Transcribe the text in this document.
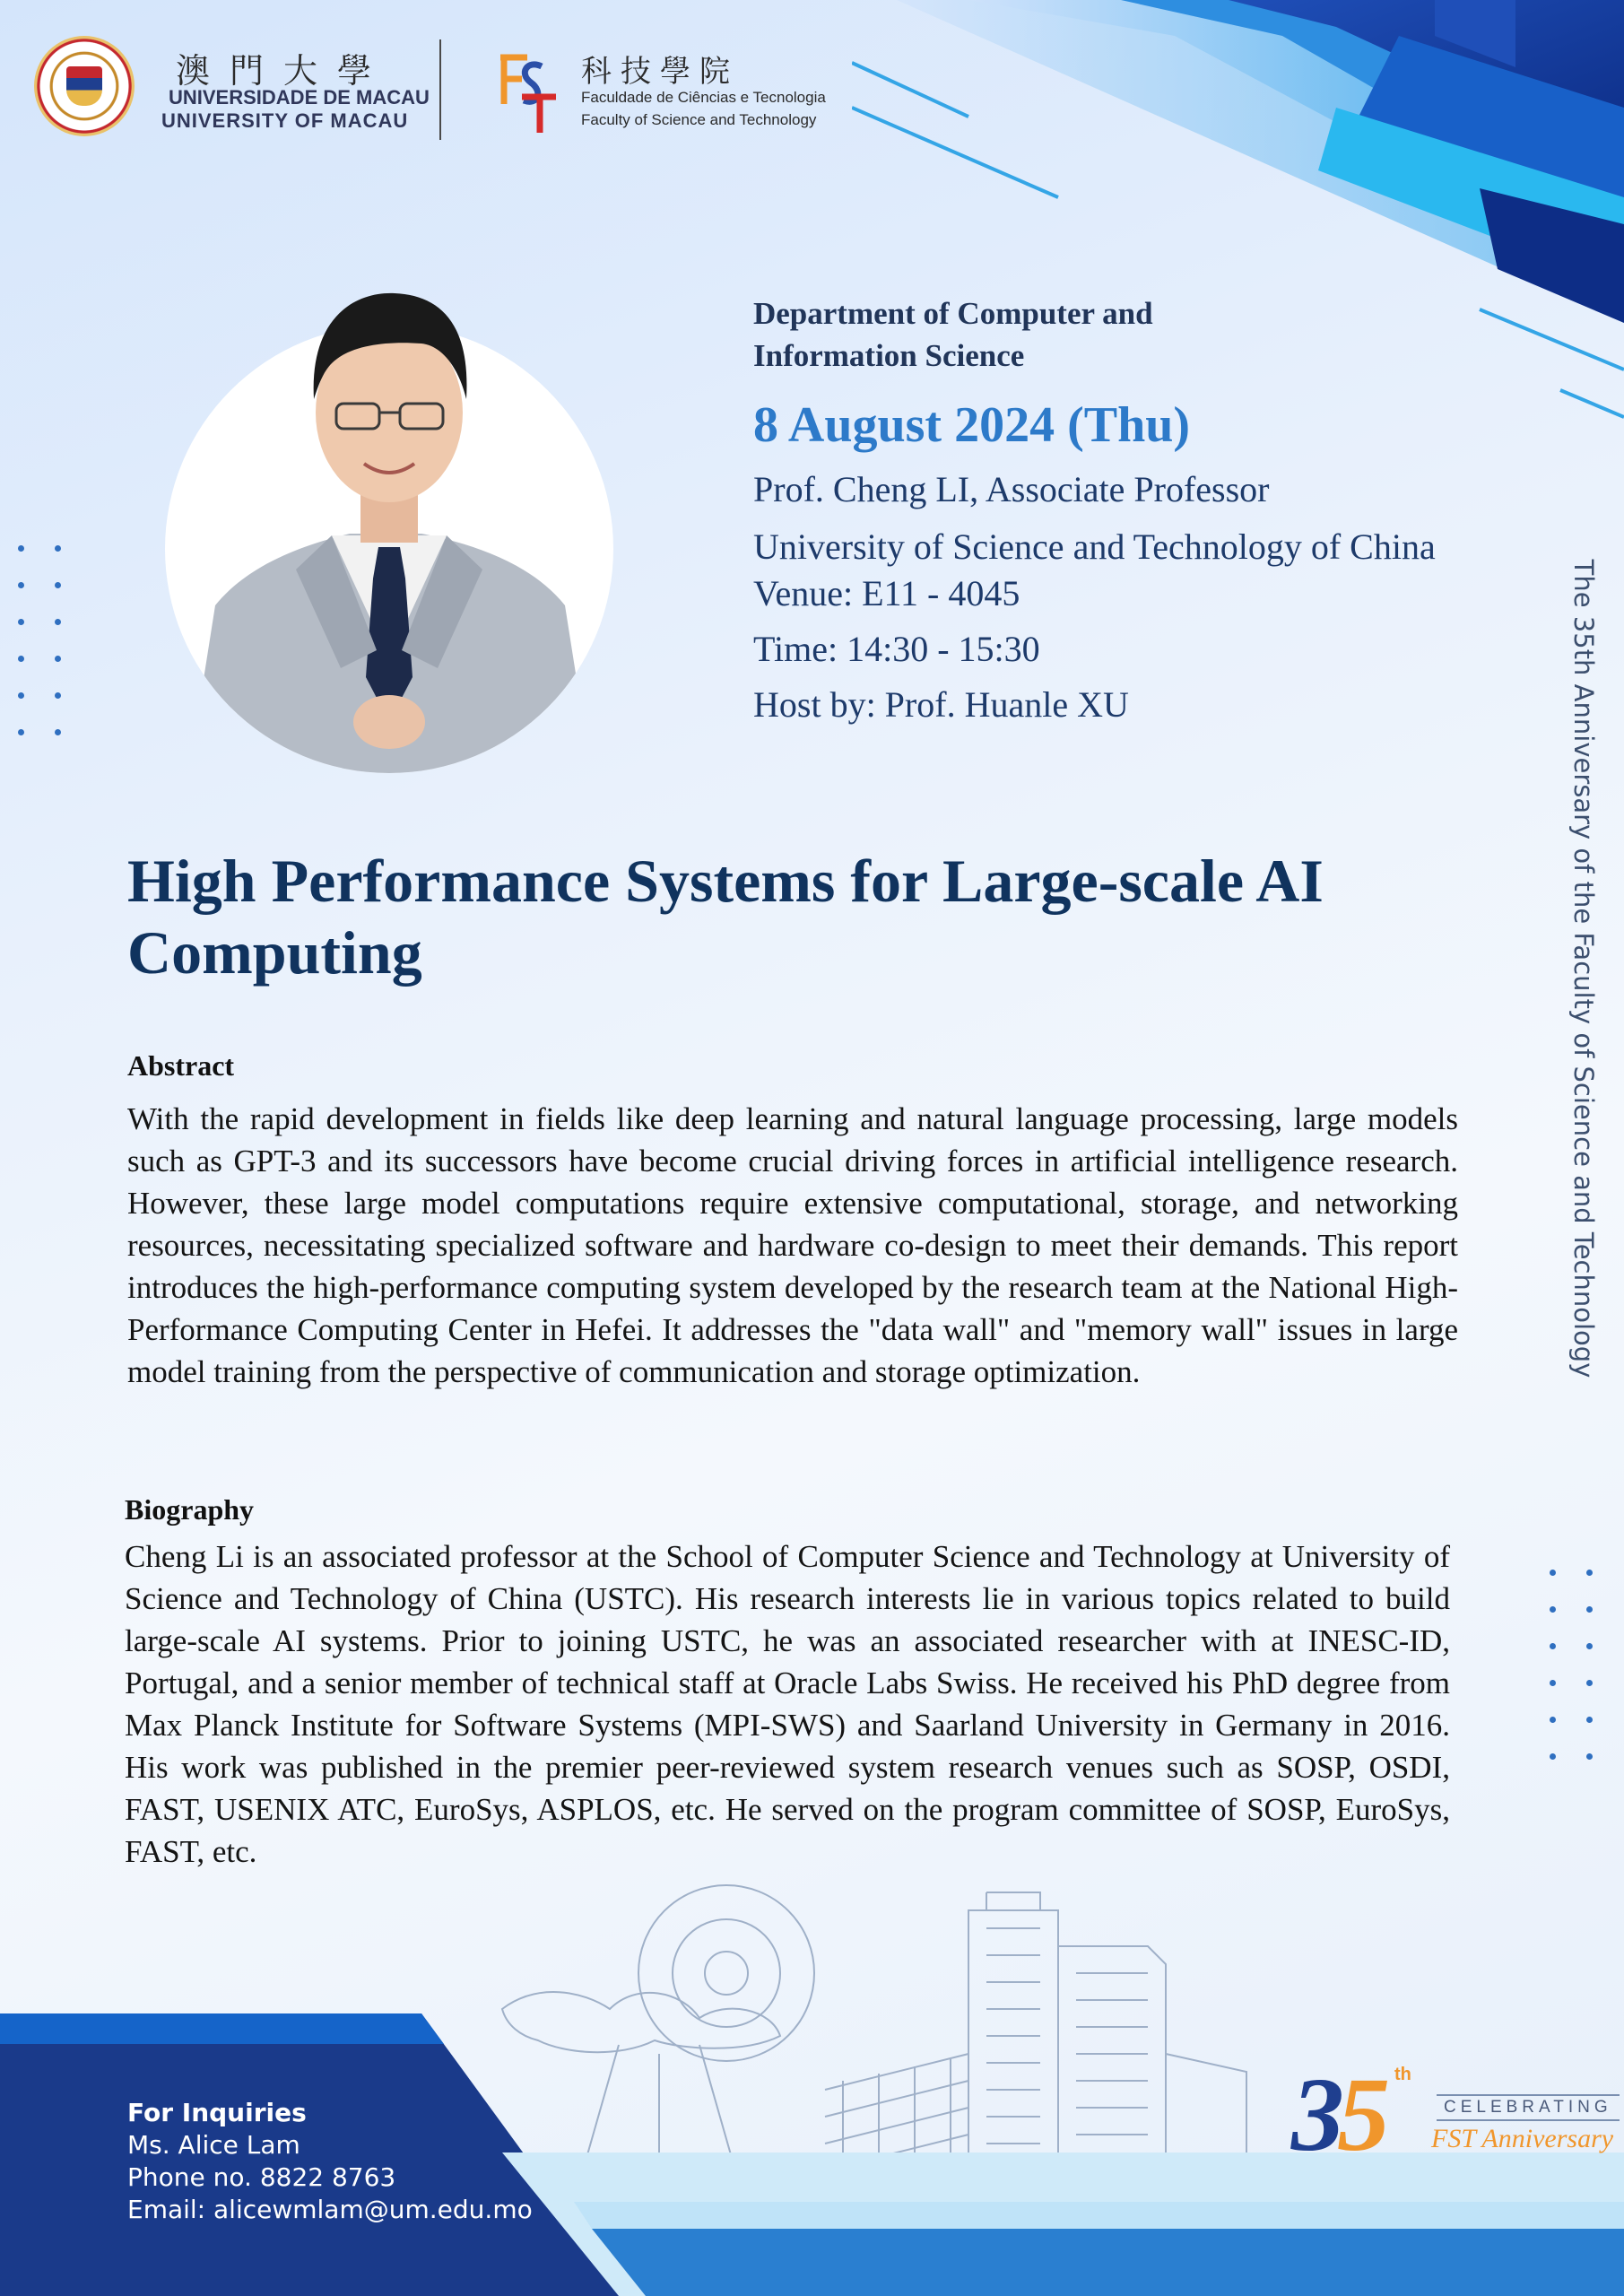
澳門大學
UNIVERSIDADE DE MACAU
UNIVERSITY OF MACAU
科技學院
Faculdade de Ciências e Tecnologia
Faculty of Science and Technology
Department of Computer and
Information Science
8 August 2024 (Thu)
Prof. Cheng LI, Associate Professor
University of Science and Technology of China
Venue: E11 - 4045
Time: 14:30 - 15:30
Host by: Prof. Huanle XU
High Performance Systems for Large-scale AI Computing
Abstract
With the rapid development in fields like deep learning and natural language processing, large models such as GPT-3 and its successors have become crucial driving forces in artificial intelligence research. However, these large model computations require extensive computational, storage, and networking resources, necessitating specialized software and hardware co-design to meet their demands. This report introduces the high-performance computing system developed by the research team at the National High-Performance Computing Center in Hefei. It addresses the "data wall" and "memory wall" issues in large model training from the perspective of communication and storage optimization.
Biography
Cheng Li is an associated professor at the School of Computer Science and Technology at University of Science and Technology of China (USTC). His research interests lie in various topics related to build large-scale AI systems. Prior to joining USTC, he was an associated researcher with at INESC-ID, Portugal, and a senior member of technical staff at Oracle Labs Swiss. He received his PhD degree from Max Planck Institute for Software Systems (MPI-SWS) and Saarland University in Germany in 2016. His work was published in the premier peer-reviewed system research venues such as SOSP, OSDI, FAST, USENIX ATC, EuroSys, ASPLOS, etc. He served on the program committee of SOSP, EuroSys, FAST, etc.
The 35th Anniversary of the Faculty of Science and Technology
For Inquiries
Ms. Alice Lam
Phone no. 8822 8763
Email: alicewmlam@um.edu.mo
35 th
CELEBRATING
FST Anniversary
